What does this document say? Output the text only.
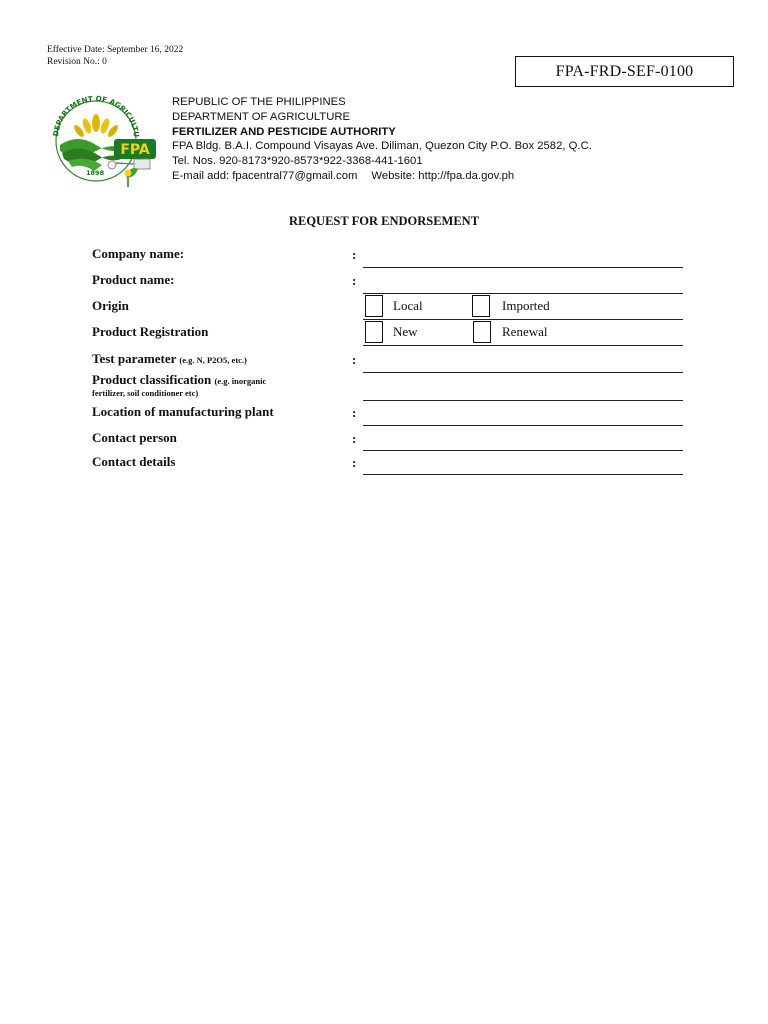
Effective Date: September 16, 2022
Revision No.: 0
FPA-FRD-SEF-0100
DEPARTMENT OF AGRICULTU
FPA
1898
REPUBLIC OF THE PHILIPPINES
DEPARTMENT OF AGRICULTURE
FERTILIZER AND PESTICIDE AUTHORITY
FPA Bldg. B.A.I. Compound Visayas Ave. Diliman, Quezon City P.O. Box 2582, Q.C.
Tel. Nos. 920-8173*920-8573*922-3368-441-1601
E-mail add: fpacentral77@gmail.com Website: http://fpa.da.gov.ph
REQUEST FOR ENDORSEMENT
Company name:	:
Product name:	:
Origin	Local	Imported
Product Registration	New	Renewal
Test parameter (e.g. N, P2O5, etc.)	:
Product classification (e.g. inorganic
fertilizer, soil conditioner etc)
Location of manufacturing plant	:
Contact person	:
Contact details	:
